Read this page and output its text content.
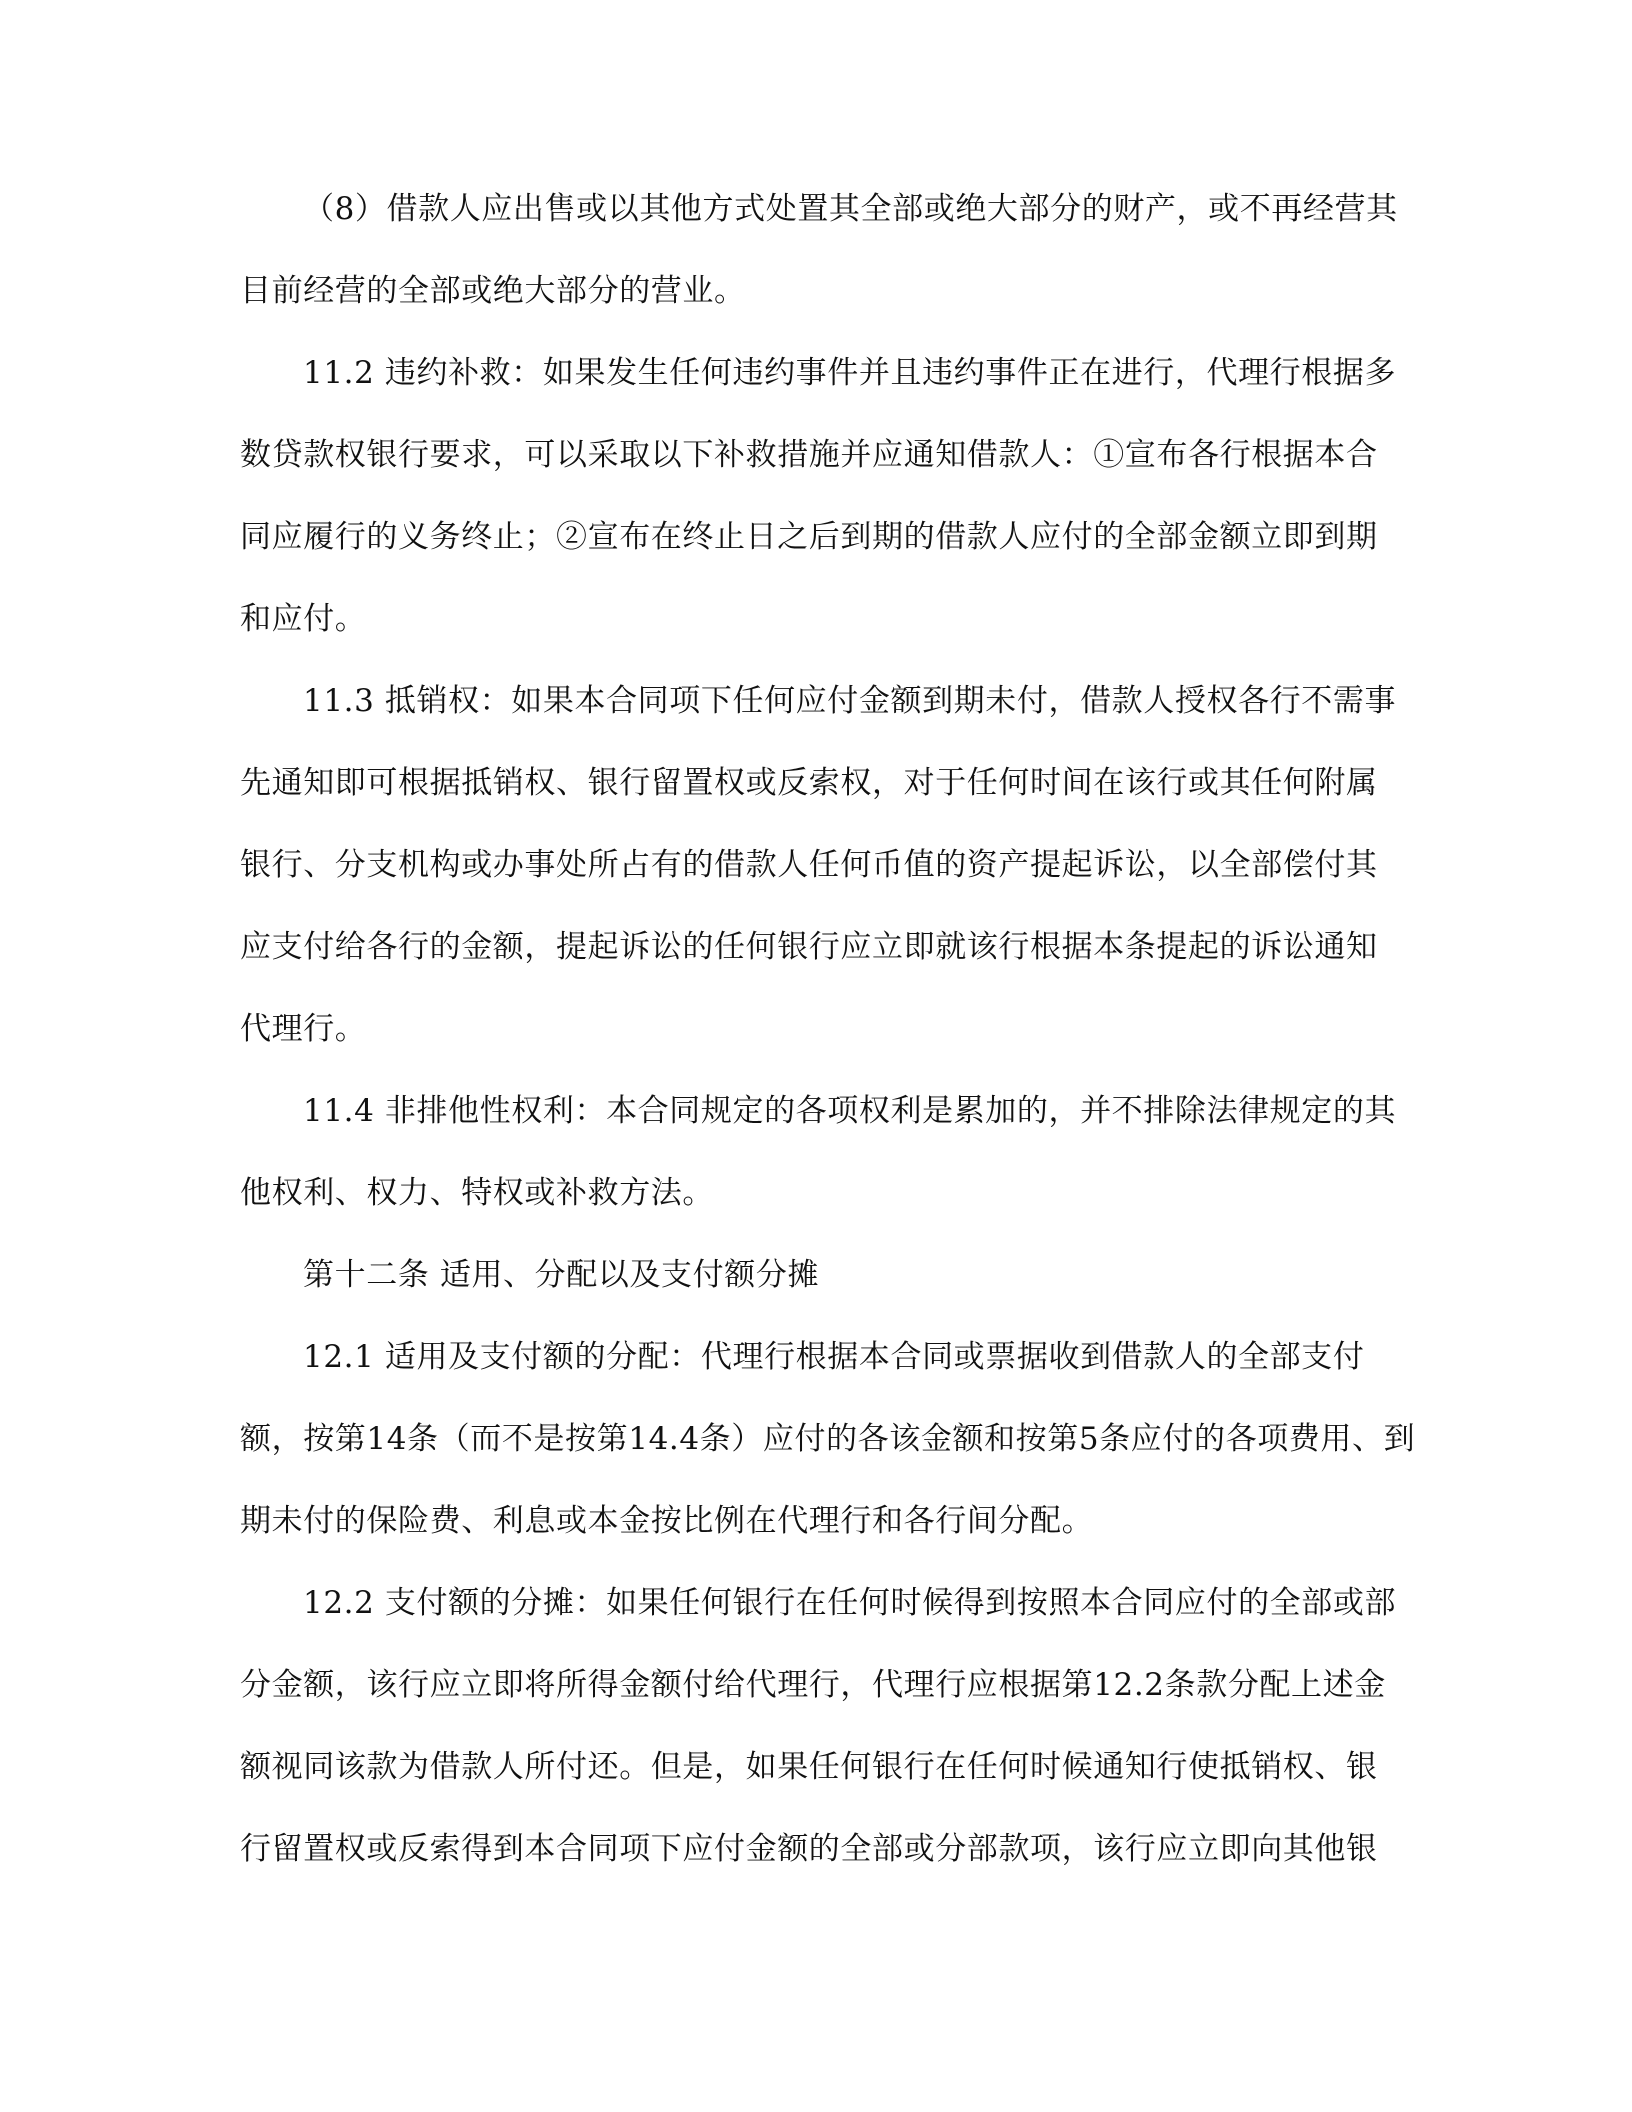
（8）借款人应出售或以其他方式处置其全部或绝大部分的财产，或不再经营其
目前经营的全部或绝大部分的营业。
11.2 违约补救：如果发生任何违约事件并且违约事件正在进行，代理行根据多
数贷款权银行要求，可以采取以下补救措施并应通知借款人：①宣布各行根据本合
同应履行的义务终止；②宣布在终止日之后到期的借款人应付的全部金额立即到期
和应付。
11.3 抵销权：如果本合同项下任何应付金额到期未付，借款人授权各行不需事
先通知即可根据抵销权、银行留置权或反索权，对于任何时间在该行或其任何附属
银行、分支机构或办事处所占有的借款人任何币值的资产提起诉讼，以全部偿付其
应支付给各行的金额，提起诉讼的任何银行应立即就该行根据本条提起的诉讼通知
代理行。
11.4 非排他性权利：本合同规定的各项权利是累加的，并不排除法律规定的其
他权利、权力、特权或补救方法。
第十二条 适用、分配以及支付额分摊
12.1 适用及支付额的分配：代理行根据本合同或票据收到借款人的全部支付
额，按第14条（而不是按第14.4条）应付的各该金额和按第5条应付的各项费用、到
期未付的保险费、利息或本金按比例在代理行和各行间分配。
12.2 支付额的分摊：如果任何银行在任何时候得到按照本合同应付的全部或部
分金额，该行应立即将所得金额付给代理行，代理行应根据第12.2条款分配上述金
额视同该款为借款人所付还。但是，如果任何银行在任何时候通知行使抵销权、银
行留置权或反索得到本合同项下应付金额的全部或分部款项，该行应立即向其他银
